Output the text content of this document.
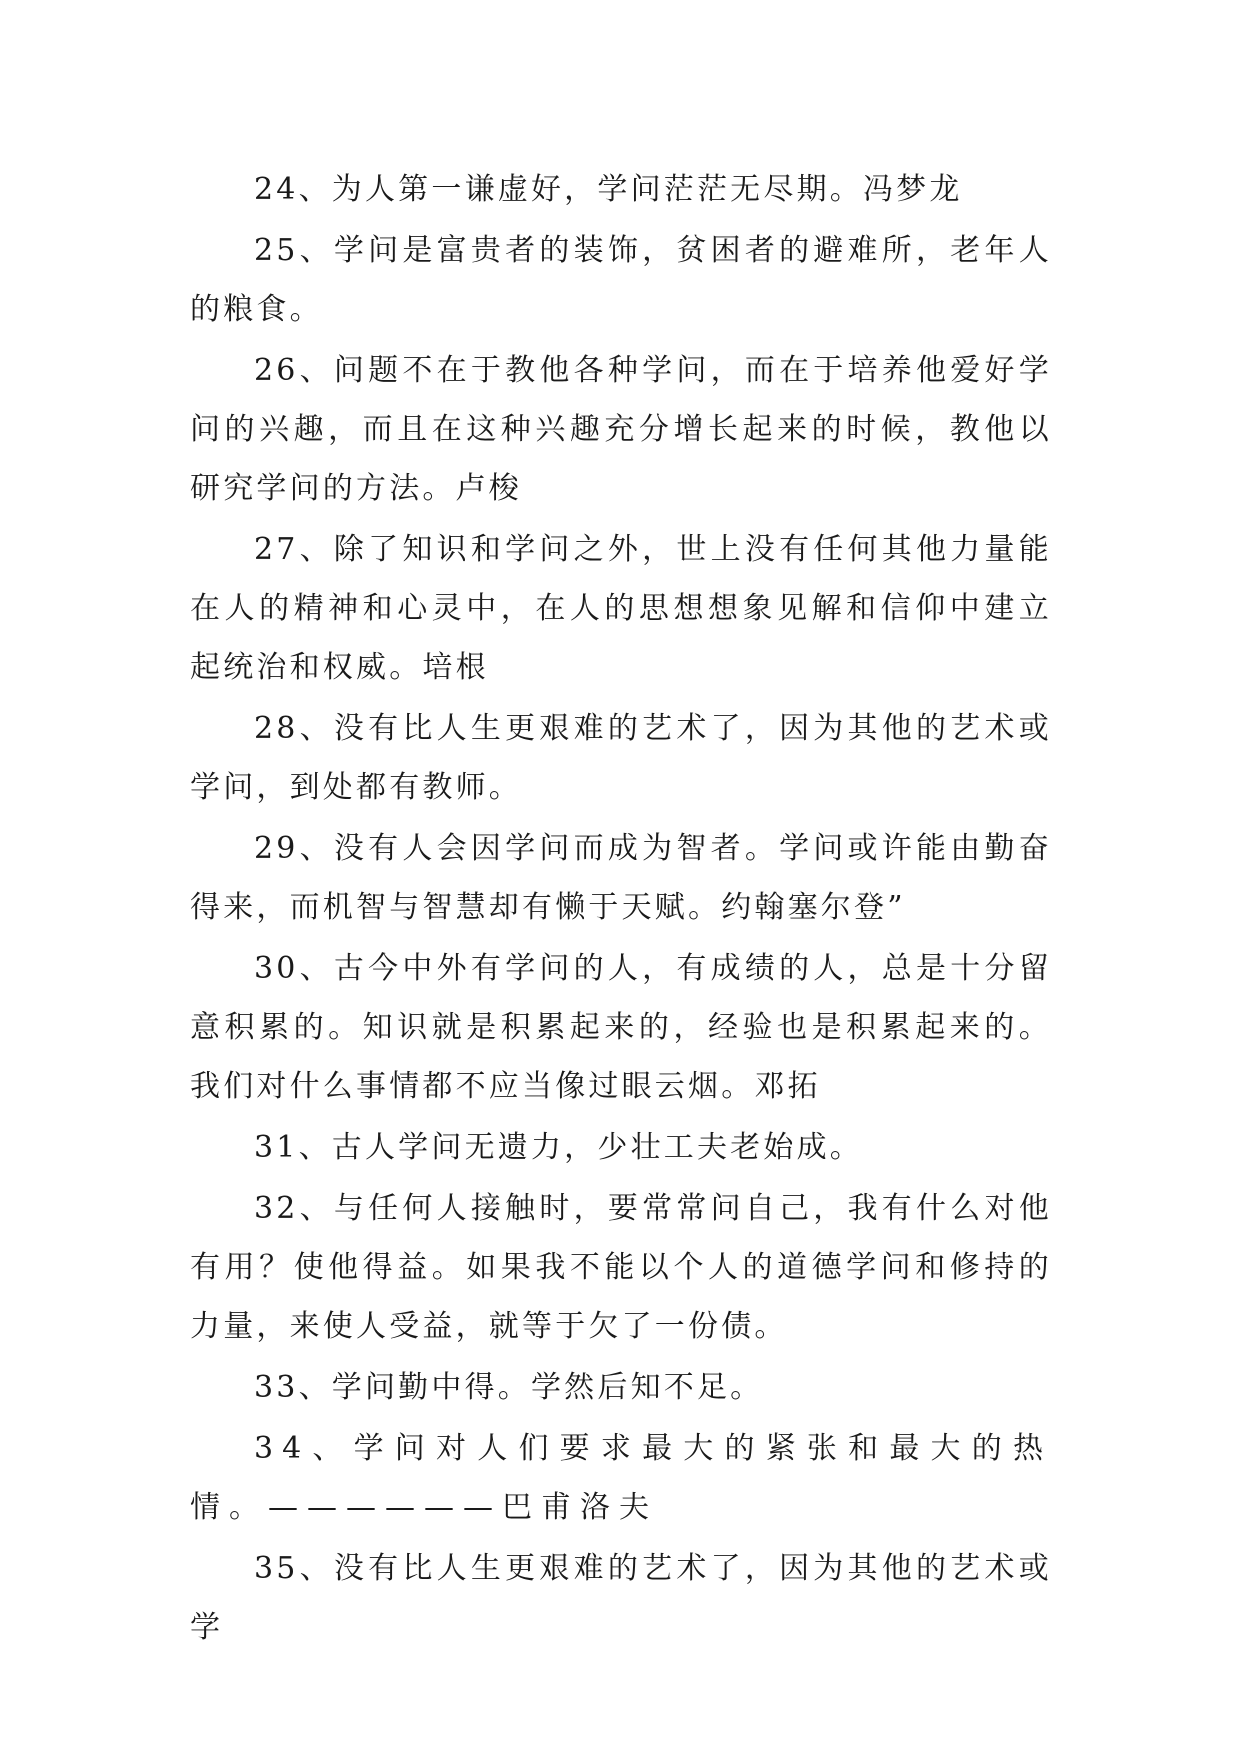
24、为人第一谦虚好，学问茫茫无尽期。冯梦龙

25、学问是富贵者的装饰，贫困者的避难所，老年人的粮食。

26、问题不在于教他各种学问，而在于培养他爱好学问的兴趣，而且在这种兴趣充分增长起来的时候，教他以研究学问的方法。卢梭

27、除了知识和学问之外，世上没有任何其他力量能在人的精神和心灵中，在人的思想想象见解和信仰中建立起统治和权威。培根

28、没有比人生更艰难的艺术了，因为其他的艺术或学问，到处都有教师。

29、没有人会因学问而成为智者。学问或许能由勤奋得来，而机智与智慧却有懒于天赋。约翰塞尔登”

30、古今中外有学问的人，有成绩的人，总是十分留意积累的。知识就是积累起来的，经验也是积累起来的。我们对什么事情都不应当像过眼云烟。邓拓

31、古人学问无遗力，少壮工夫老始成。

32、与任何人接触时，要常常问自己，我有什么对他有用？使他得益。如果我不能以个人的道德学问和修持的力量，来使人受益，就等于欠了一份债。

33、学问勤中得。学然后知不足。

34、学问对人们要求最大的紧张和最大的热情。——————巴甫洛夫

35、没有比人生更艰难的艺术了，因为其他的艺术或学
